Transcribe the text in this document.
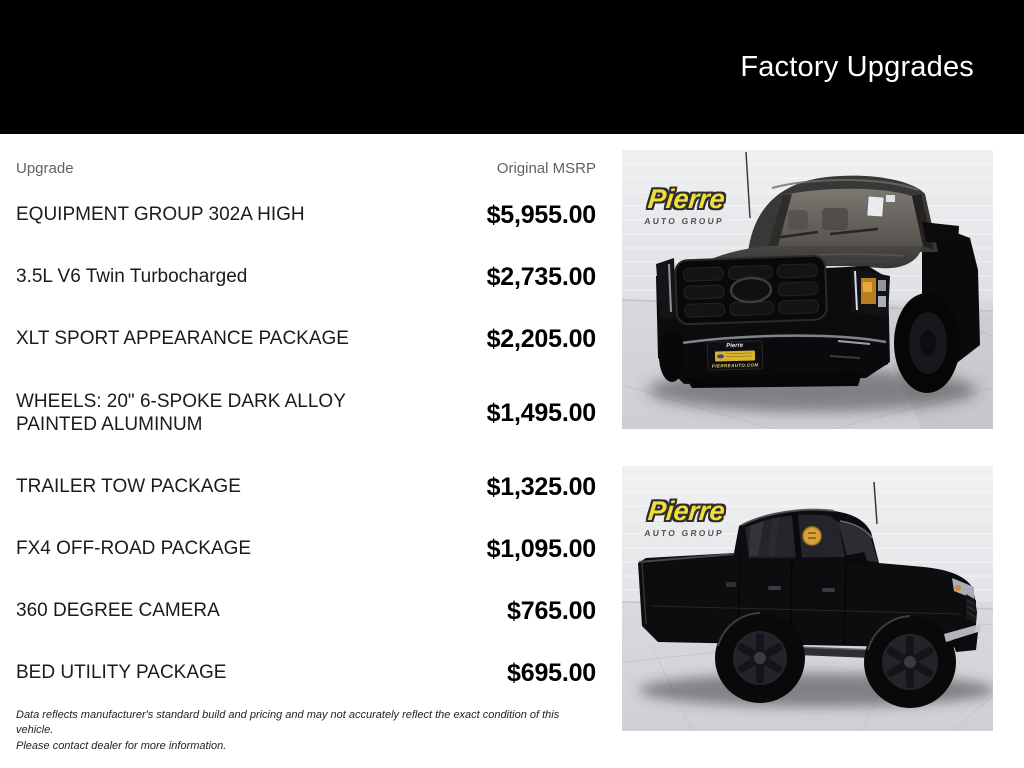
Factory Upgrades
Upgrade	Original MSRP
EQUIPMENT GROUP 302A HIGH	$5,955.00
3.5L V6 Twin Turbocharged	$2,735.00
XLT SPORT APPEARANCE PACKAGE	$2,205.00
WHEELS: 20" 6-SPOKE DARK ALLOY PAINTED ALUMINUM	$1,495.00
TRAILER TOW PACKAGE	$1,325.00
FX4 OFF-ROAD PACKAGE	$1,095.00
360 DEGREE CAMERA	$765.00
BED UTILITY PACKAGE	$695.00
Data reflects manufacturer's standard build and pricing and may not accurately reflect the exact condition of this vehicle.
Please contact dealer for more information.
Pierre
AUTO GROUP
Pierre
PIERREAUTO.COM
Pierre
AUTO GROUP
